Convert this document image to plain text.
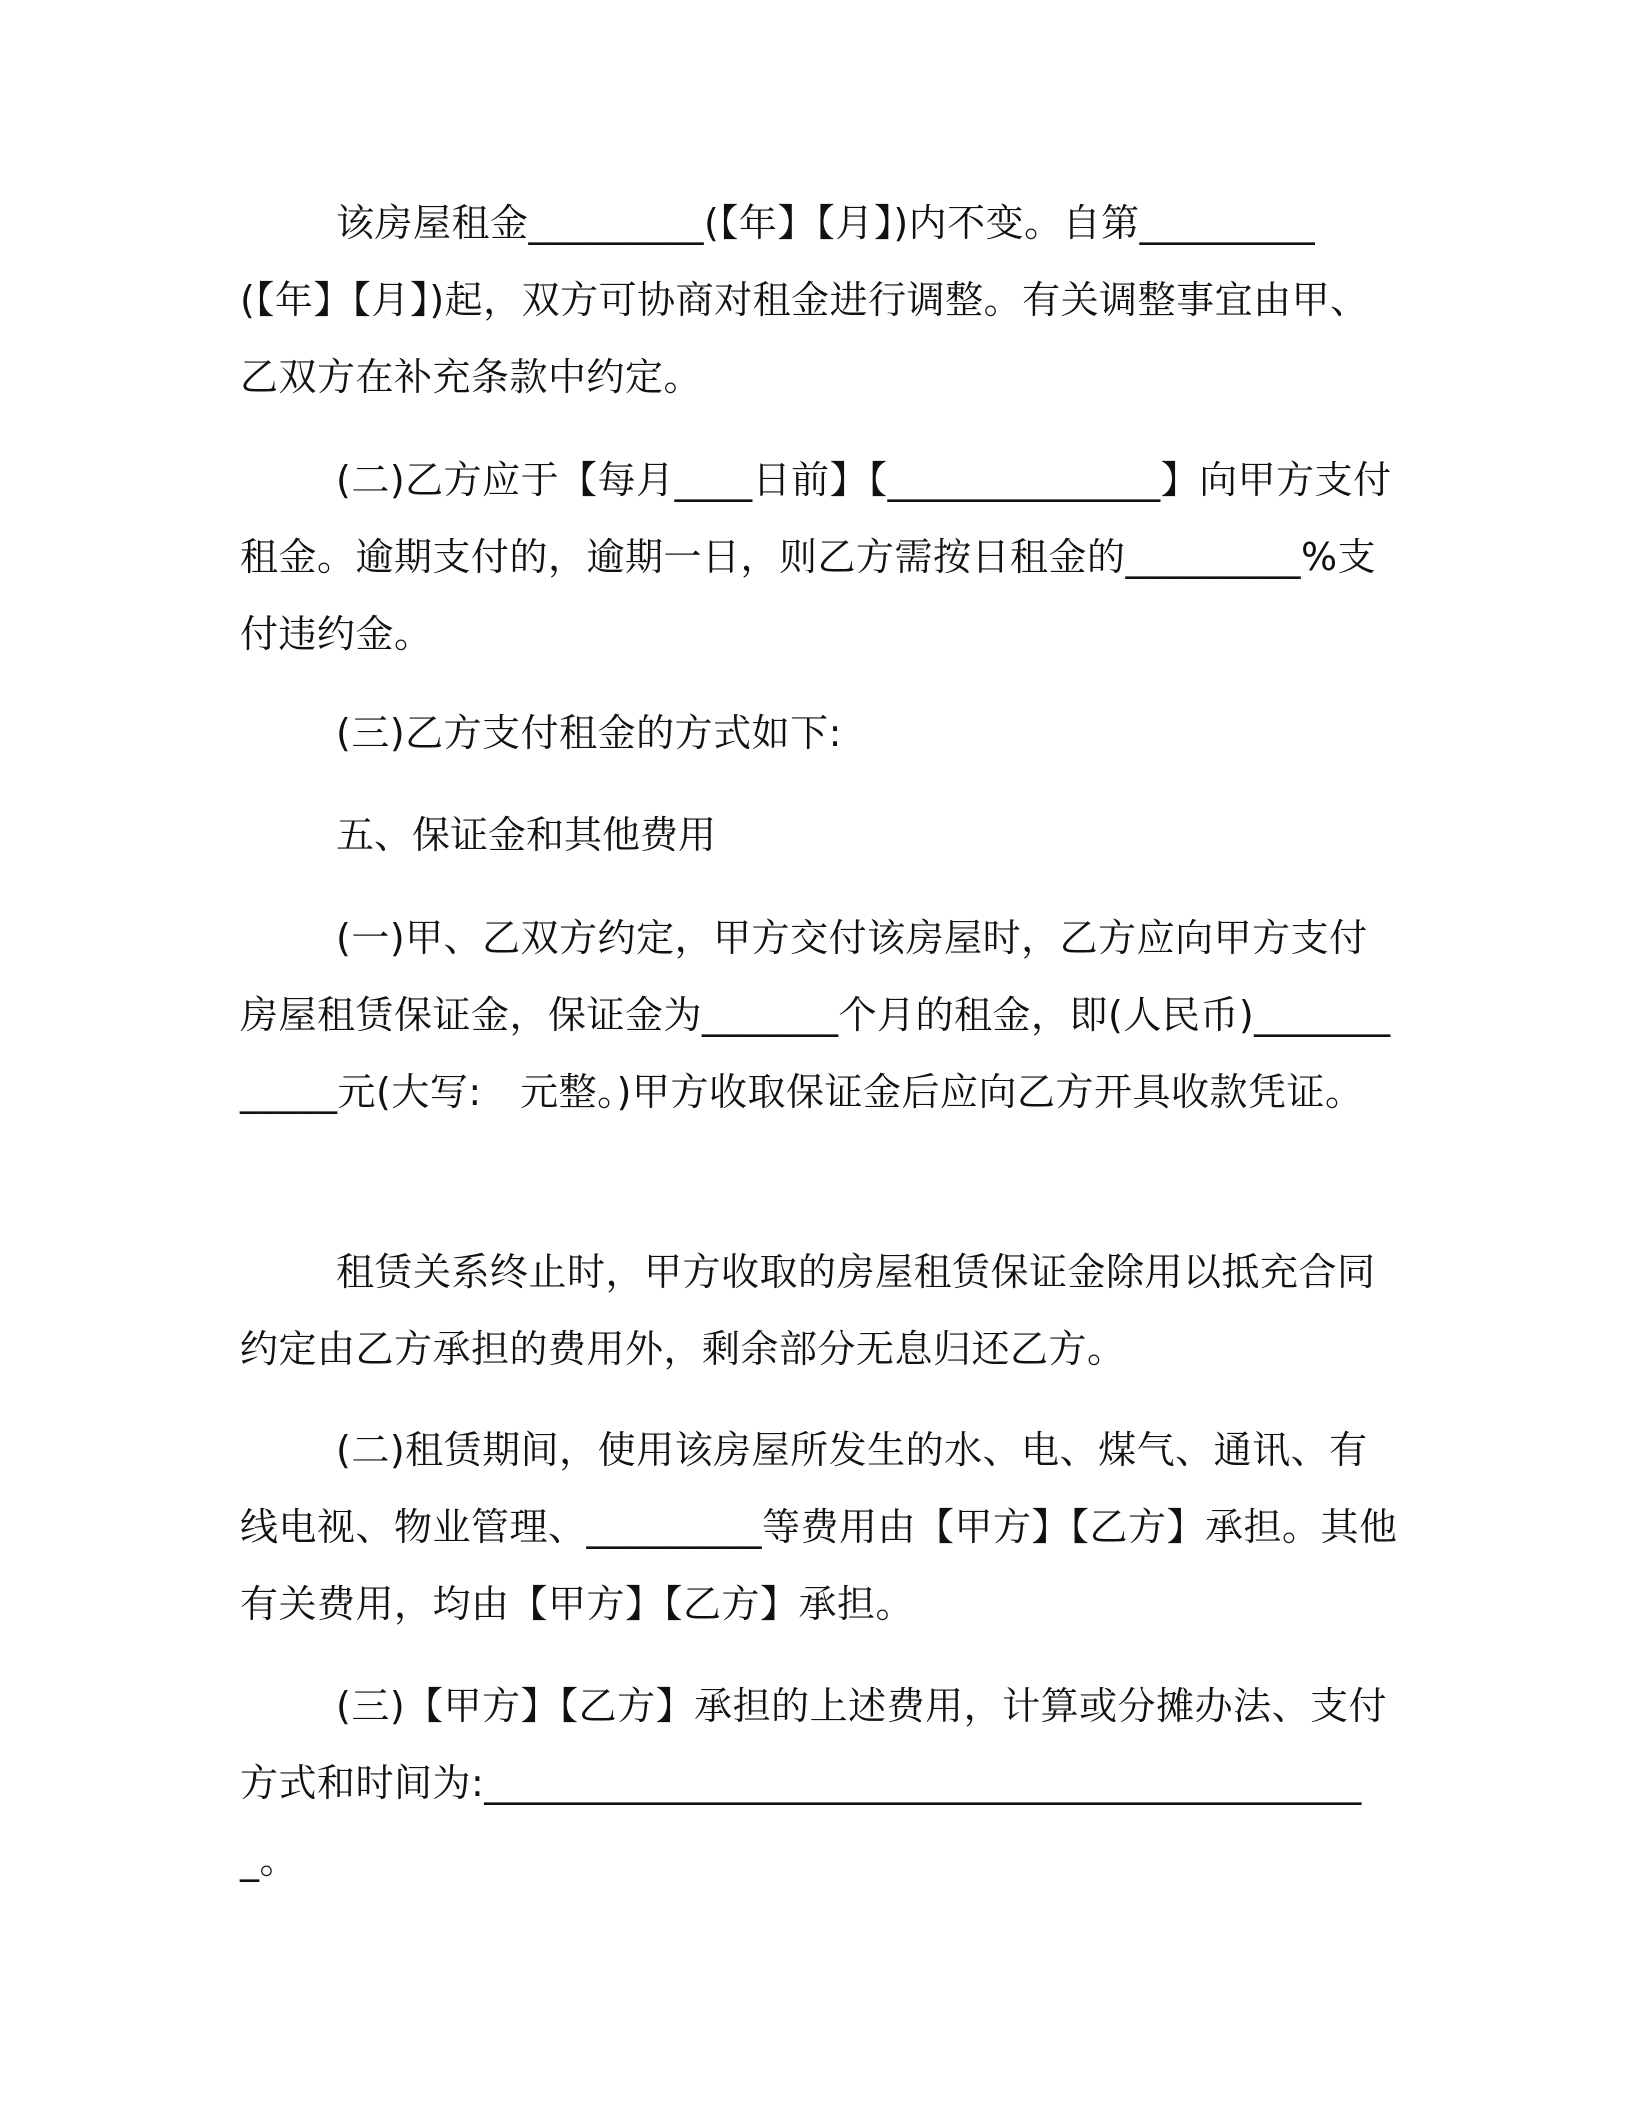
该房屋租金_________(【年】【月】)内不变。自第_________(【年】【月】)起，双方可协商对租金进行调整。有关调整事宜由甲、乙双方在补充条款中约定。

(二)乙方应于【每月____日前】【______________】向甲方支付租金。逾期支付的，逾期一日，则乙方需按日租金的_________%支付违约金。

(三)乙方支付租金的方式如下:

五、保证金和其他费用

(一)甲、乙双方约定，甲方交付该房屋时，乙方应向甲方支付房屋租赁保证金，保证金为_______个月的租金，即(人民币)____________元(大写:　元整。)甲方收取保证金后应向乙方开具收款凭证。

租赁关系终止时，甲方收取的房屋租赁保证金除用以抵充合同约定由乙方承担的费用外，剩余部分无息归还乙方。

(二)租赁期间，使用该房屋所发生的水、电、煤气、通讯、有线电视、物业管理、_________等费用由【甲方】【乙方】承担。其他有关费用，均由【甲方】【乙方】承担。

(三)【甲方】【乙方】承担的上述费用，计算或分摊办法、支付方式和时间为:______________________________________________。
